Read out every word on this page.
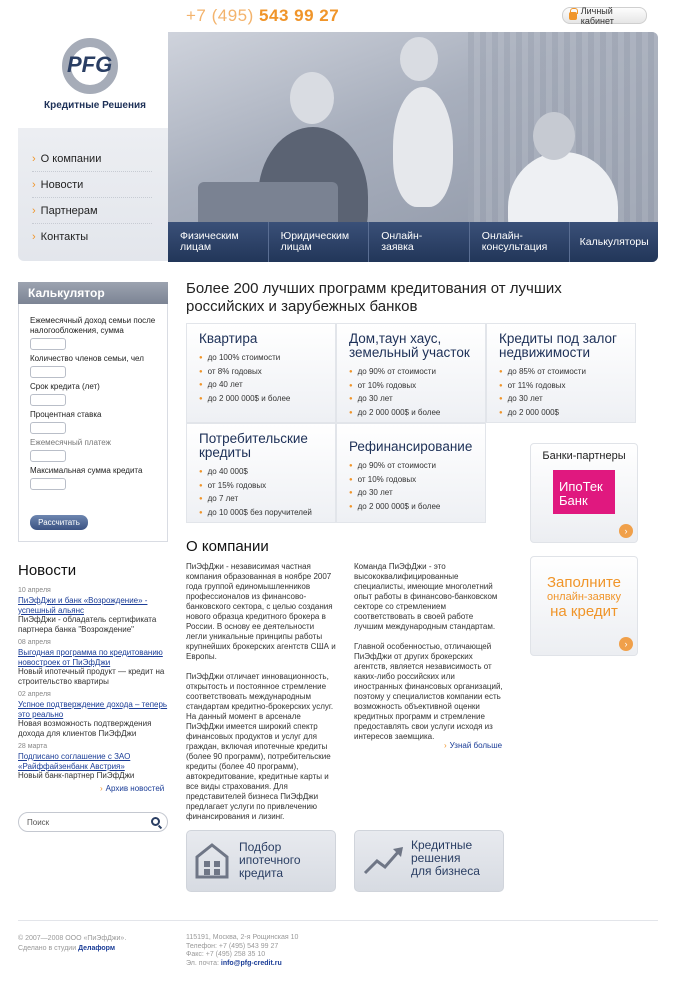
+7 (495) 543 99 27	Личный кабинет
PFG
Кредитные Решения
› О компании
› Новости
› Партнерам
› Контакты	Физическим
лицам
Юридическим
лицам
Онлайн-
заявка
Онлайн-
консультация	Калькуляторы
Более 200 лучших программ кредитования от лучших российских и зарубежных банков
Квартира
● до 100% стоимости
● от 8% годовых
● до 40 лет
● до 2 000 000$ и более
Дом,таун хаус, земельный участок
● до 90% от стоимости
● от 10% годовых
● до 30 лет
● до 2 000 000$ и более
Кредиты под залог недвижимости
● до 85% от стоимости
● от 11% годовых
● до 30 лет
● до 2 000 000$
Потребительские кредиты
● до 40 000$
● от 15% годовых
● до 7 лет
● до 10 000$ без поручителей
Рефинансирование
● до 90% от стоимости
● от 10% годовых
● до 30 лет
● до 2 000 000$ и более
Калькулятор
Ежемесячный доход семьи после налогообложения, сумма
Количество членов семьи, чел
Срок кредита (лет)
Процентная ставка
Ежемесячный платеж
Максимальная сумма кредита
Рассчитать
Новости
10 апреля
ПиЭфДжи и банк «Возрождение» - успешный альянс
ПиЭфДжи - обладатель сертификата партнера банка "Возрождение"
08 апреля
Выгодная программа по кредитованию новостроек от ПиЭфДжи
Новый ипотечный продукт — кредит на строительство квартиры
02 апреля
Успное подтверждение дохода – теперь это реально
Новая возможность подтверждения дохода для клиентов ПиЭфДжи
28 марта
Подписано соглашение с ЗАО «Райффайзенбанк Австрия»
Новый банк-партнер ПиЭфДжи
› Архив новостей
Поиск
Банки-партнеры
ИпоТек
Банк
›
Заполните
онлайн-заявку
на кредит
›
О компании

ПиЭфДжи - независимая частная компания образованная в ноябре 2007 года группой единомышленников профессионалов из финансово-банковского сектора, с целью создания нового образца кредитного брокера в России. В основу ее деятельности легли уникальные принципы работы крупнейших брокерских агентств США и Европы.

ПиЭфДжи отличает инновационность, открытость и постоянное стремление соответствовать международным стандартам кредитно-брокерских услуг. На данный момент в арсенале ПиЭфДжи имеется широкий спектр финансовых продуктов и услуг для граждан, включая ипотечные кредиты (более 90 программ), потребительские кредиты (более 40 программ), автокредитование, кредитные карты и все виды страхования. Для представителей бизнеса ПиЭфДжи предлагает услуги по привлечению финансирования и лизинг.

Команда ПиЭфДжи - это высококвалифицированные специалисты, имеющие многолетний опыт работы в финансово-банковском секторе со стремлением соответствовать в своей работе лучшим международным стандартам.

Главной особенностью, отличающей ПиЭфДжи от других брокерских агентств, является независимость от каких-либо российских или иностранных финансовых организаций, поэтому у специалистов компании есть возможность объективной оценки кредитных программ и стремление предоставлять свои услуги исходя из интересов заемщика.

› Узнай больше
Подбор
ипотечного
кредита
Кредитные
решения
для бизнеса
© 2007—2008 ООО «ПиЭфДжи».
Сделано в студии Делаформ
115191, Москва, 2-я Рощинская 10
Телефон: +7 (495) 543 99 27
Факс: +7 (495) 258 35 10
Эл. почта: info@pfg-credit.ru
